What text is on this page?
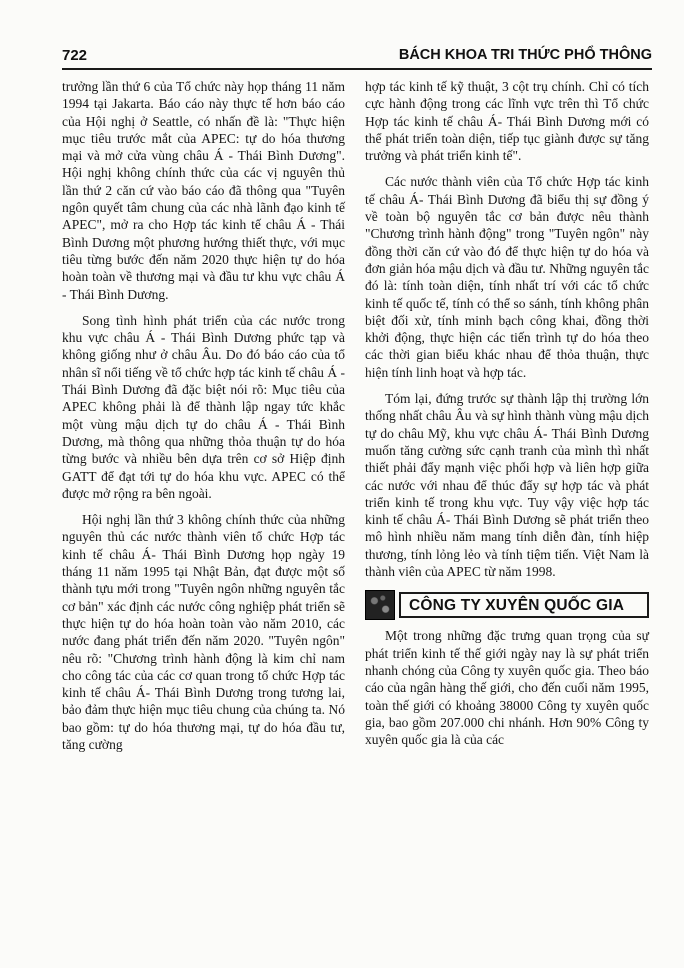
722	BÁCH KHOA TRI THỨC PHỔ THÔNG

trưởng lần thứ 6 của Tổ chức này họp tháng 11 năm 1994 tại Jakarta. Báo cáo này thực tế hơn báo cáo của Hội nghị ở Seattle, có nhấn đề là: "Thực hiện mục tiêu trước mắt của APEC: tự do hóa thương mại và mở cửa vùng châu Á - Thái Bình Dương". Hội nghị không chính thức của các vị nguyên thủ lần thứ 2 căn cứ vào báo cáo đã thông qua "Tuyên ngôn quyết tâm chung của các nhà lãnh đạo kinh tế APEC", mở ra cho Hợp tác kinh tế châu Á - Thái Bình Dương một phương hướng thiết thực, với mục tiêu từng bước đến năm 2020 thực hiện tự do hóa hoàn toàn về thương mại và đầu tư khu vực châu Á - Thái Bình Dương.

Song tình hình phát triển của các nước trong khu vực châu Á - Thái Bình Dương phức tạp và không giống như ở châu Âu. Do đó báo cáo của tổ nhân sĩ nổi tiếng về tổ chức hợp tác kinh tế châu Á - Thái Bình Dương đã đặc biệt nói rõ: Mục tiêu của APEC không phải là để thành lập ngay tức khắc một vùng mậu dịch tự do châu Á - Thái Bình Dương, mà thông qua những thỏa thuận tự do hóa từng bước và nhiều bên dựa trên cơ sở Hiệp định GATT để đạt tới tự do hóa khu vực. APEC có thể được mở rộng ra bên ngoài.

Hội nghị lần thứ 3 không chính thức của những nguyên thủ các nước thành viên tổ chức Hợp tác kinh tế châu Á- Thái Bình Dương họp ngày 19 tháng 11 năm 1995 tại Nhật Bản, đạt được một số thành tựu mới trong "Tuyên ngôn những nguyên tắc cơ bản" xác định các nước công nghiệp phát triển sẽ thực hiện tự do hóa hoàn toàn vào năm 2010, các nước đang phát triển đến năm 2020. "Tuyên ngôn" nêu rõ: "Chương trình hành động là kim chỉ nam cho công tác của các cơ quan trong tổ chức Hợp tác kinh tế châu Á- Thái Bình Dương trong tương lai, bảo đảm thực hiện mục tiêu chung của chúng ta. Nó bao gồm: tự do hóa thương mại, tự do hóa đầu tư, tăng cường

hợp tác kinh tế kỹ thuật, 3 cột trụ chính. Chỉ có tích cực hành động trong các lĩnh vực trên thì Tổ chức Hợp tác kinh tế châu Á- Thái Bình Dương mới có thể phát triển toàn diện, tiếp tục giành được sự tăng trưởng và phát triển kinh tế".

Các nước thành viên của Tổ chức Hợp tác kinh tế châu Á- Thái Bình Dương đã biểu thị sự đồng ý về toàn bộ nguyên tắc cơ bản được nêu thành "Chương trình hành động" trong "Tuyên ngôn" này đồng thời căn cứ vào đó để thực hiện tự do hóa và đơn giản hóa mậu dịch và đầu tư. Những nguyên tắc đó là: tính toàn diện, tính nhất trí với các tổ chức kinh tế quốc tế, tính có thể so sánh, tính không phân biệt đối xử, tính minh bạch công khai, đồng thời khởi động, thực hiện các tiến trình tự do hóa theo các thời gian biểu khác nhau để thỏa thuận, thực hiện tính linh hoạt và hợp tác.

Tóm lại, đứng trước sự thành lập thị trường lớn thống nhất châu Âu và sự hình thành vùng mậu dịch tự do châu Mỹ, khu vực châu Á- Thái Bình Dương muốn tăng cường sức cạnh tranh của mình thì nhất thiết phải đẩy mạnh việc phối hợp và liên hợp giữa các nước với nhau để thúc đẩy sự hợp tác và phát triển kinh tế trong khu vực. Tuy vậy việc hợp tác kinh tế châu Á- Thái Bình Dương sẽ phát triển theo mô hình nhiều năm mang tính diễn đàn, tính hiệp thương, tính lỏng lẻo và tính tiệm tiến. Việt Nam là thành viên của APEC từ năm 1998.

CÔNG TY XUYÊN QUỐC GIA

Một trong những đặc trưng quan trọng của sự phát triển kinh tế thế giới ngày nay là sự phát triển nhanh chóng của Công ty xuyên quốc gia. Theo báo cáo của ngân hàng thế giới, cho đến cuối năm 1995, toàn thế giới có khoảng 38000 Công ty xuyên quốc gia, bao gồm 207.000 chi nhánh. Hơn 90% Công ty xuyên quốc gia là của các
